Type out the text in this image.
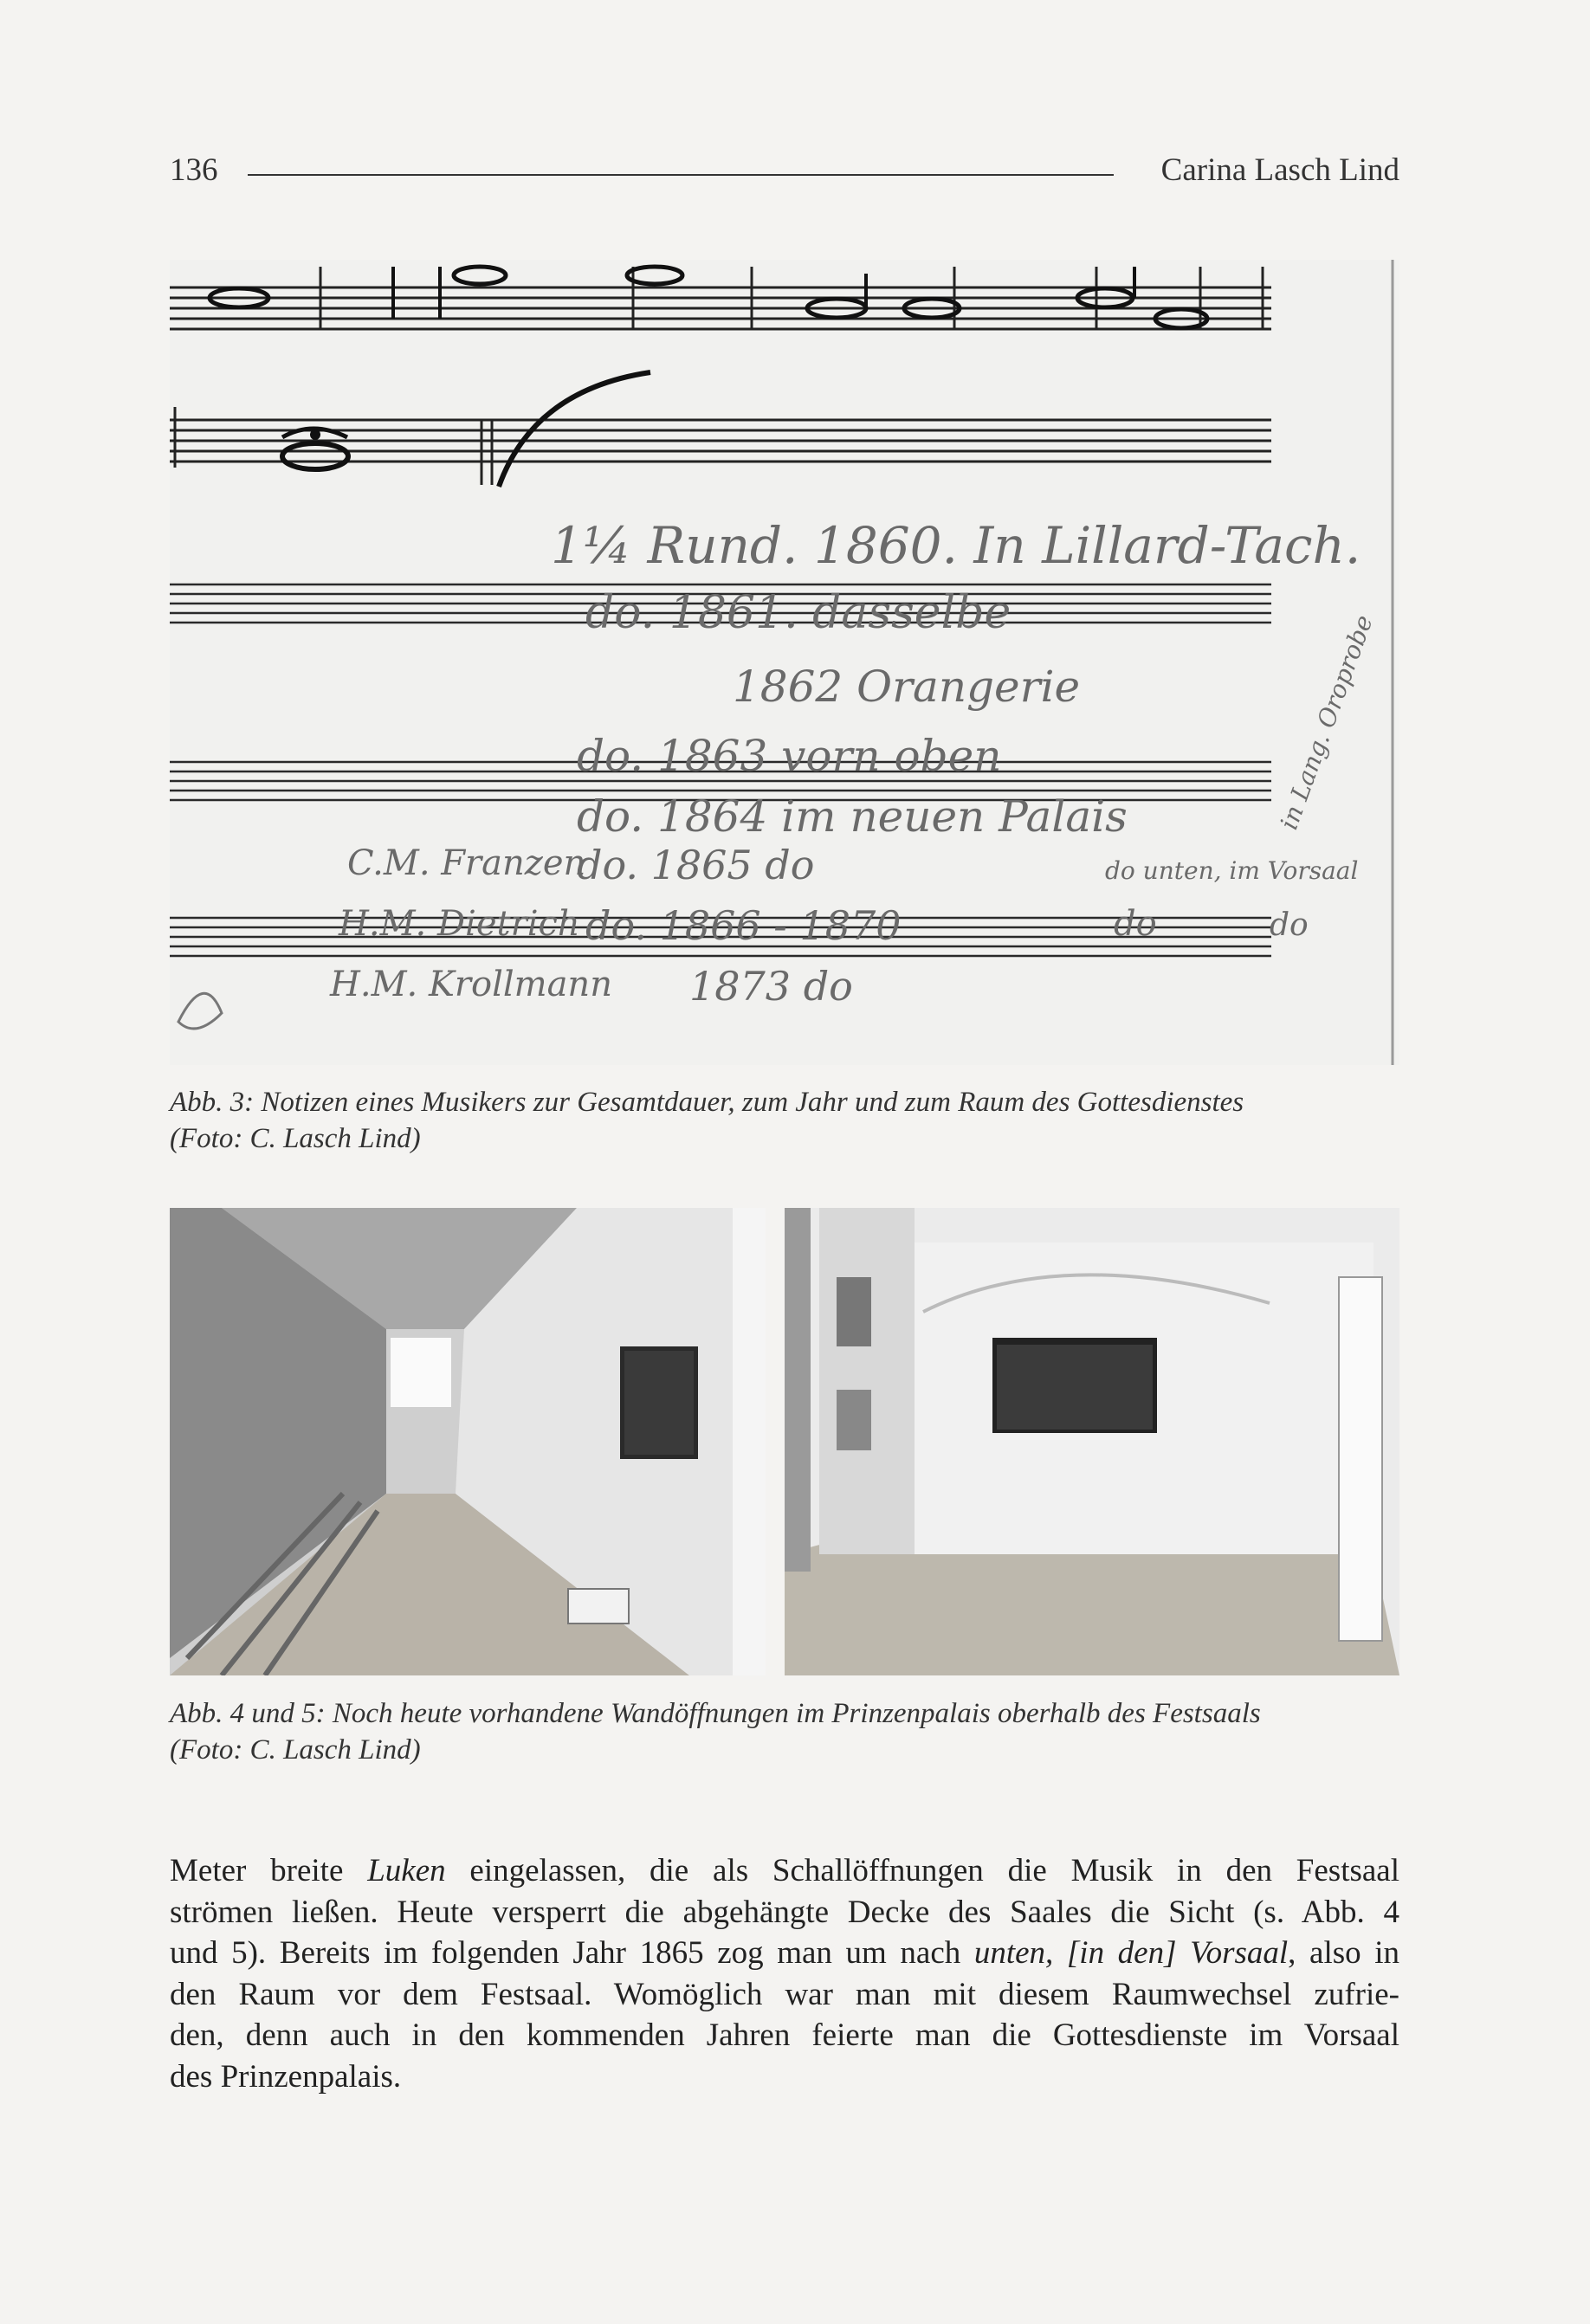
136	Carina Lasch Lind
1¼ Rund. 1860. In Lillard-Tach.
do. 1861. dasselbe
1862 Orangerie
do. 1863 vorn oben
do. 1864 im neuen Palais
C.M. Franzen
do. 1865 do
H.M. Dietrich do. 1866 - 1870
H.M. Krollmann 1873 do
do unten, im Vorsaal
do	do
in Lang. Oroprobe
Abb. 3: Notizen eines Musikers zur Gesamtdauer, zum Jahr und zum Raum des Gottesdienstes
(Foto: C. Lasch Lind)
Abb. 4 und 5: Noch heute vorhandene Wandöffnungen im Prinzenpalais oberhalb des Festsaals
(Foto: C. Lasch Lind)
Meter breite Luken eingelassen, die als Schallöffnungen die Musik in den Festsaal
strömen ließen. Heute versperrt die abgehängte Decke des Saales die Sicht (s. Abb. 4
und 5). Bereits im folgenden Jahr 1865 zog man um nach unten, [in den] Vorsaal, also in
den Raum vor dem Festsaal. Womöglich war man mit diesem Raumwechsel zufrie-
den, denn auch in den kommenden Jahren feierte man die Gottesdienste im Vorsaal
des Prinzenpalais.
